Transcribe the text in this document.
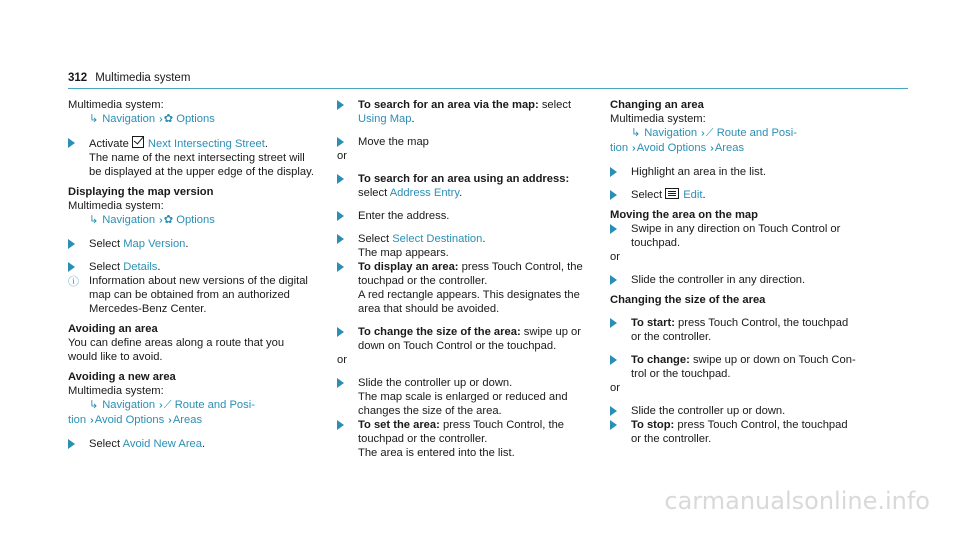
312 Multimedia system
Multimedia system:
↳ Navigation ›› ✿ Options
Activate Next Intersecting Street.
The name of the next intersecting street will
be displayed at the upper edge of the display.
Displaying the map version
Multimedia system:
↳ Navigation ›› ✿ Options
Select Map Version.
Select Details.
ⓘ Information about new versions of the digital
map can be obtained from an authorized
Mercedes-Benz Center.
Avoiding an area
You can define areas along a route that you
would like to avoid.
Avoiding a new area
Multimedia system:
↳ Navigation ›› ⟋ Route and Posi-
tion ›› Avoid Options ›› Areas
Select Avoid New Area.
To search for an area via the map: select
Using Map.
Move the map
or
To search for an area using an address:
select Address Entry.
Enter the address.
Select Select Destination.
The map appears.
To display an area: press Touch Control, the
touchpad or the controller.
A red rectangle appears. This designates the
area that should be avoided.
To change the size of the area: swipe up or
down on Touch Control or the touchpad.
or
Slide the controller up or down.
The map scale is enlarged or reduced and
changes the size of the area.
To set the area: press Touch Control, the
touchpad or the controller.
The area is entered into the list.
Changing an area
Multimedia system:
↳ Navigation ›› ⟋ Route and Posi-
tion ›› Avoid Options ›› Areas
Highlight an area in the list.
Select Edit.
Moving the area on the map
Swipe in any direction on Touch Control or
touchpad.
or
Slide the controller in any direction.
Changing the size of the area
To start: press Touch Control, the touchpad
or the controller.
To change: swipe up or down on Touch Con-
trol or the touchpad.
or
Slide the controller up or down.
To stop: press Touch Control, the touchpad
or the controller.
carmanualsonline.info
